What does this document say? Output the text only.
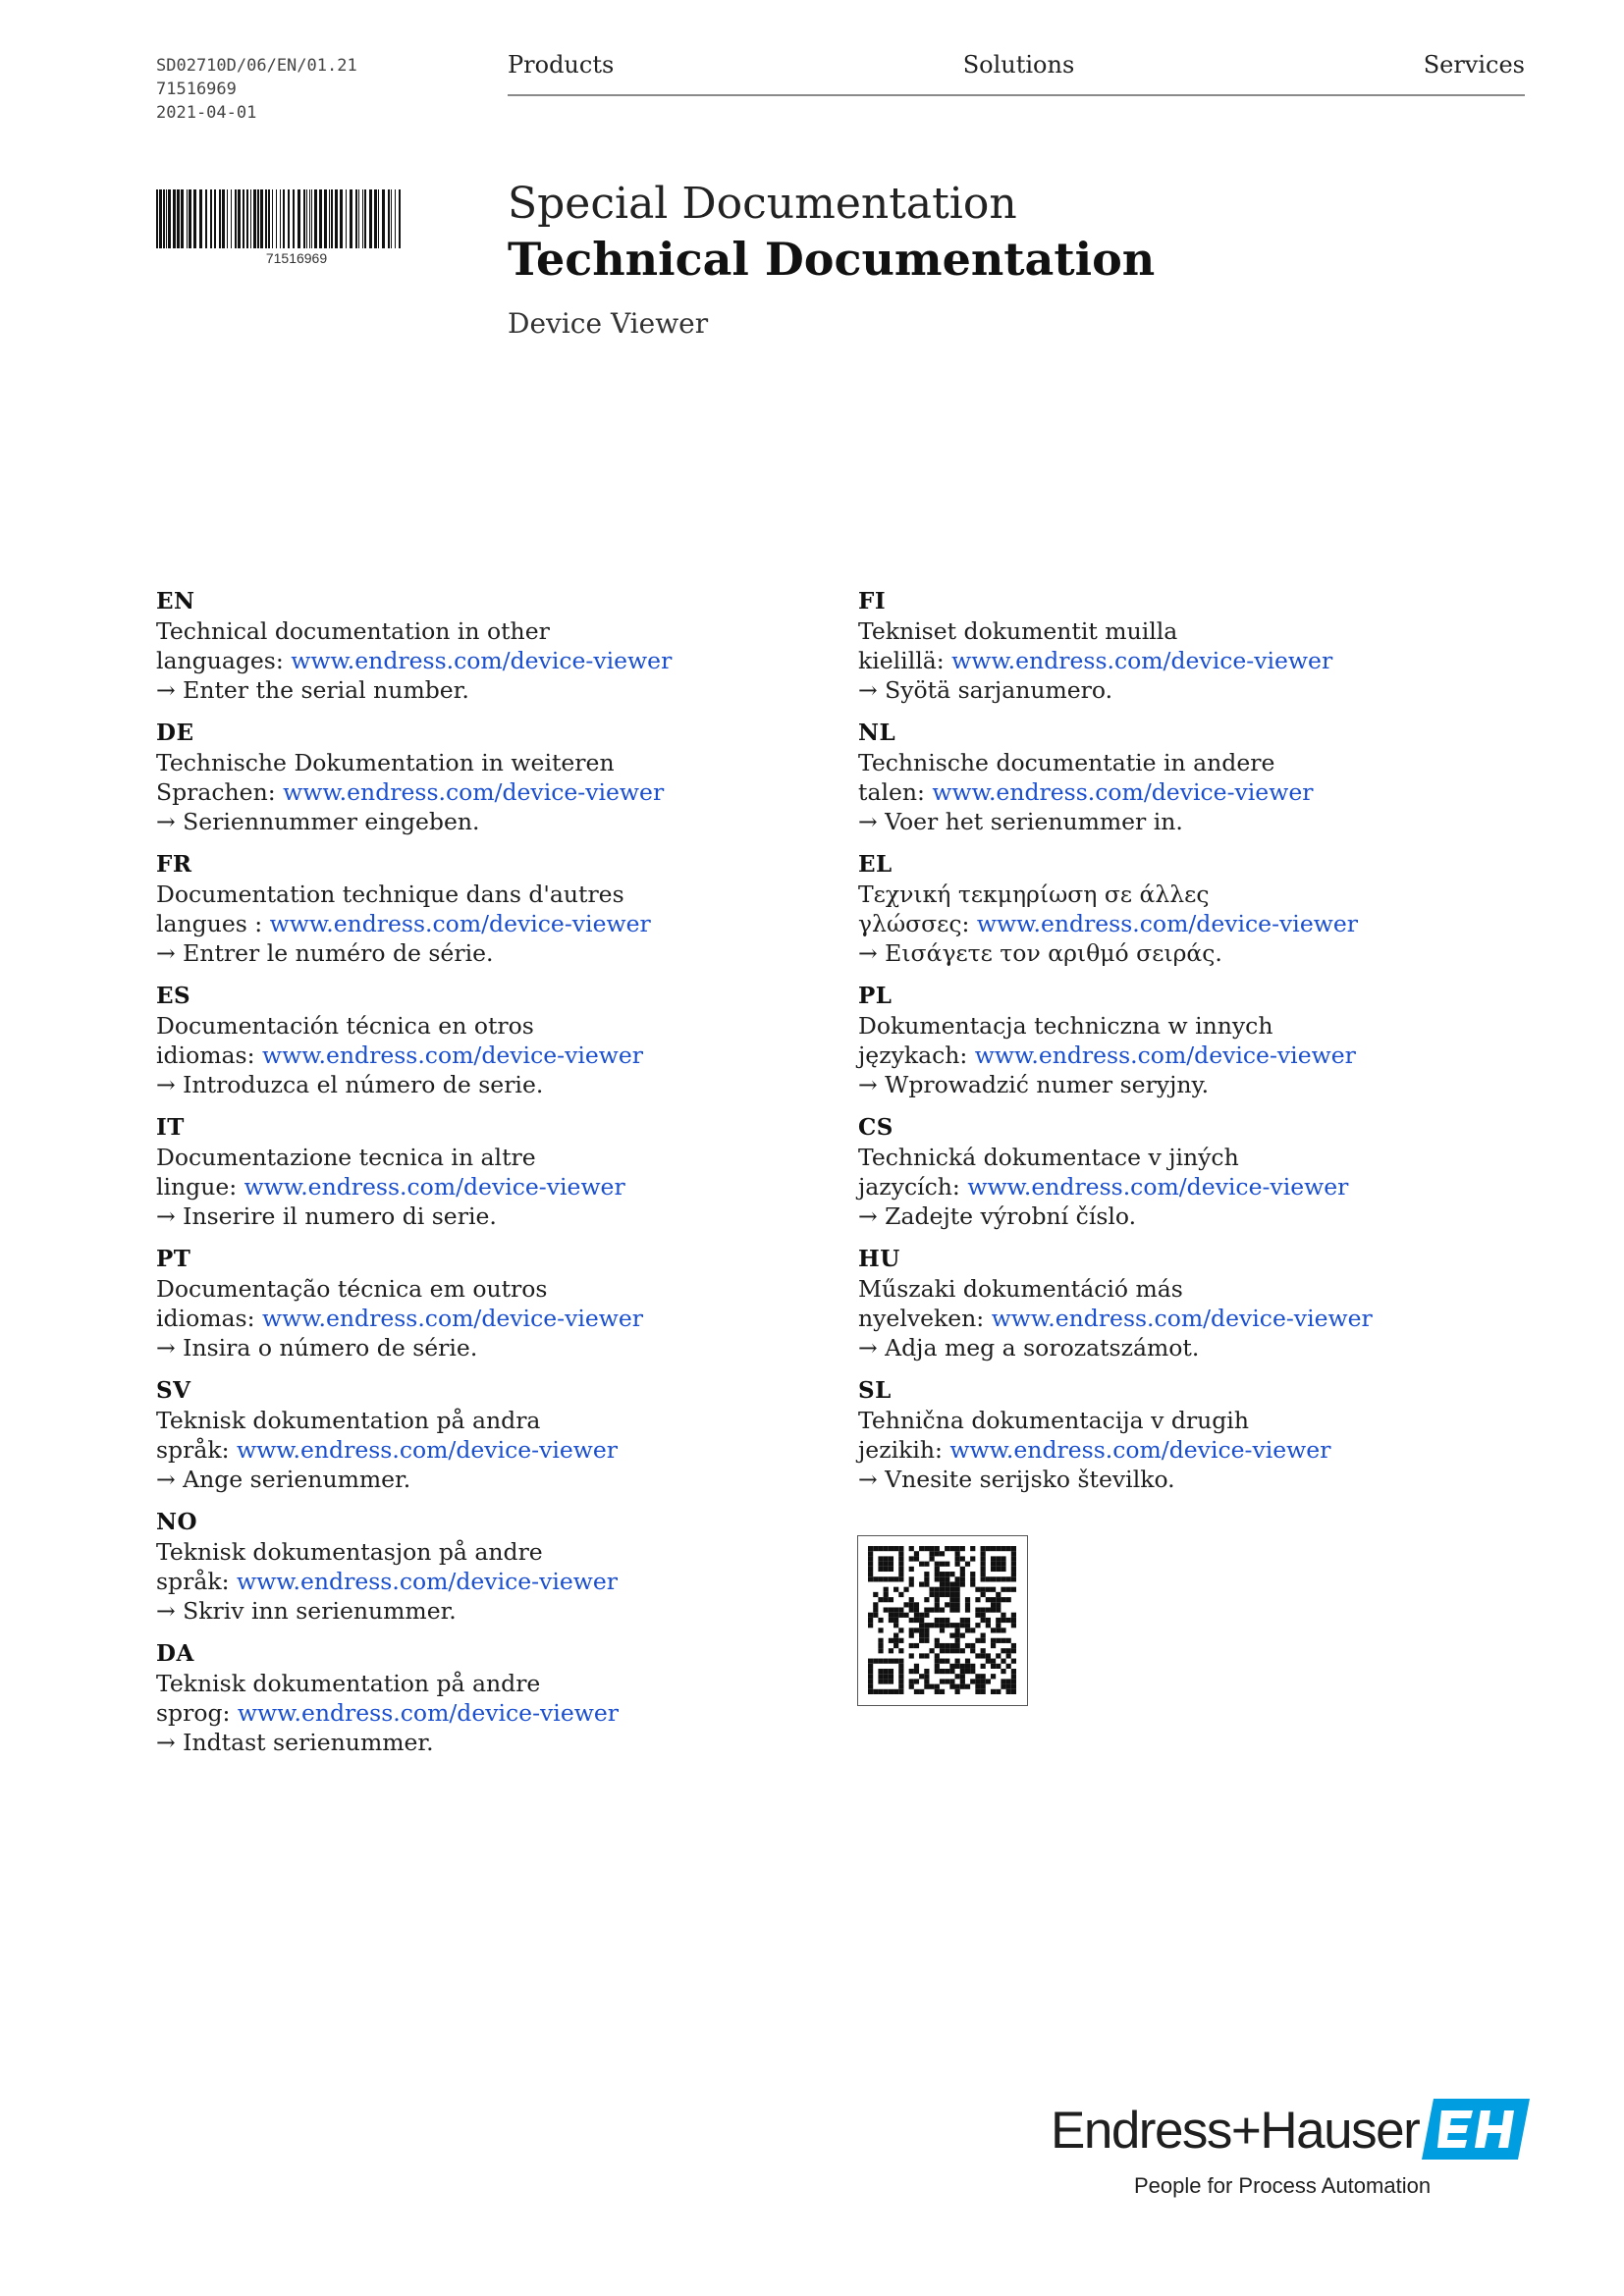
SD02710D/06/EN/01.21
71516969
2021-04-01
Products	Solutions	Services
71516969
Special Documentation
Technical Documentation
Device Viewer
EN
Technical documentation in other
languages: www.endress.com/device-viewer
→ Enter the serial number.
DE
Technische Dokumentation in weiteren
Sprachen: www.endress.com/device-viewer
→ Seriennummer eingeben.
FR
Documentation technique dans d'autres
langues : www.endress.com/device-viewer
→ Entrer le numéro de série.
ES
Documentación técnica en otros
idiomas: www.endress.com/device-viewer
→ Introduzca el número de serie.
IT
Documentazione tecnica in altre
lingue: www.endress.com/device-viewer
→ Inserire il numero di serie.
PT
Documentação técnica em outros
idiomas: www.endress.com/device-viewer
→ Insira o número de série.
SV
Teknisk dokumentation på andra
språk: www.endress.com/device-viewer
→ Ange serienummer.
NO
Teknisk dokumentasjon på andre
språk: www.endress.com/device-viewer
→ Skriv inn serienummer.
DA
Teknisk dokumentation på andre
sprog: www.endress.com/device-viewer
→ Indtast serienummer.
FI
Tekniset dokumentit muilla
kielillä: www.endress.com/device-viewer
→ Syötä sarjanumero.
NL
Technische documentatie in andere
talen: www.endress.com/device-viewer
→ Voer het serienummer in.
EL
Τεχνική τεκμηρίωση σε άλλες
γλώσσες: www.endress.com/device-viewer
→ Εισάγετε τον αριθμό σειράς.
PL
Dokumentacja techniczna w innych
językach: www.endress.com/device-viewer
→ Wprowadzić numer seryjny.
CS
Technická dokumentace v jiných
jazycích: www.endress.com/device-viewer
→ Zadejte výrobní číslo.
HU
Műszaki dokumentáció más
nyelveken: www.endress.com/device-viewer
→ Adja meg a sorozatszámot.
SL
Tehnična dokumentacija v drugih
jezikih: www.endress.com/device-viewer
→ Vnesite serijsko številko.
Endress+Hauser
People for Process Automation
